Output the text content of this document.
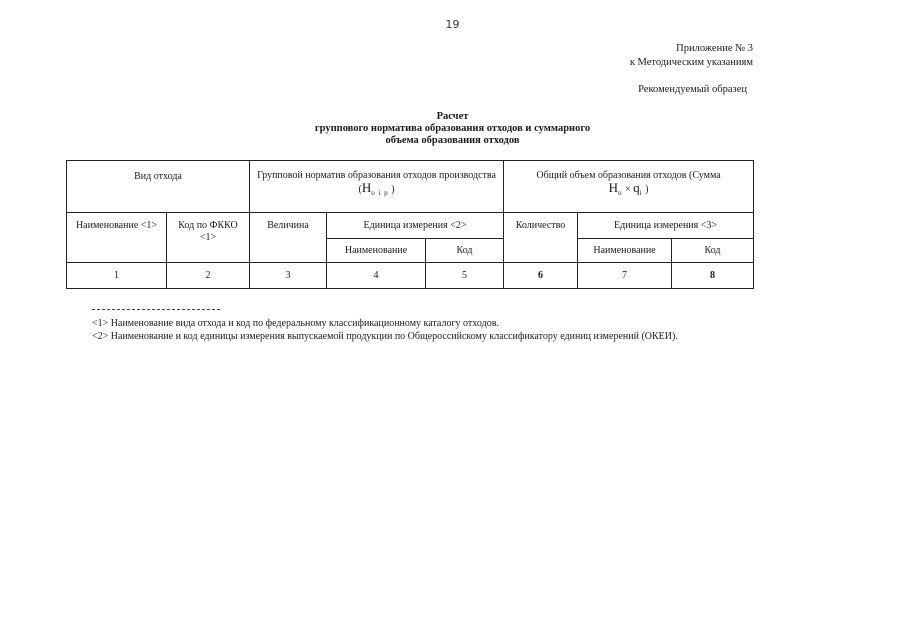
19
Приложение № 3
к Методическим указаниям
Рекомендуемый образец
Расчет
группового норматива образования отходов и суммарного
объема образования отходов
Вид отхода		Групповой норматив образования отходов производства ($H_{o i p}$ )			Общий объем образования отходов (Сумма
$H_o \times q_i$ )		

Наименование <1>	Код по ФККО <1>	Величина	Единица измерения <2>		Количество	Единица измерения <3>	
			Наименование	Код		Наименование	Код
1	2	3	4	5	6	7	8
<1> Наименование вида отхода и код по федеральному классификационному каталогу отходов.
<2> Наименование и код единицы измерения выпускаемой продукции по Общероссийскому классификатору единиц измерений (ОКЕИ).
